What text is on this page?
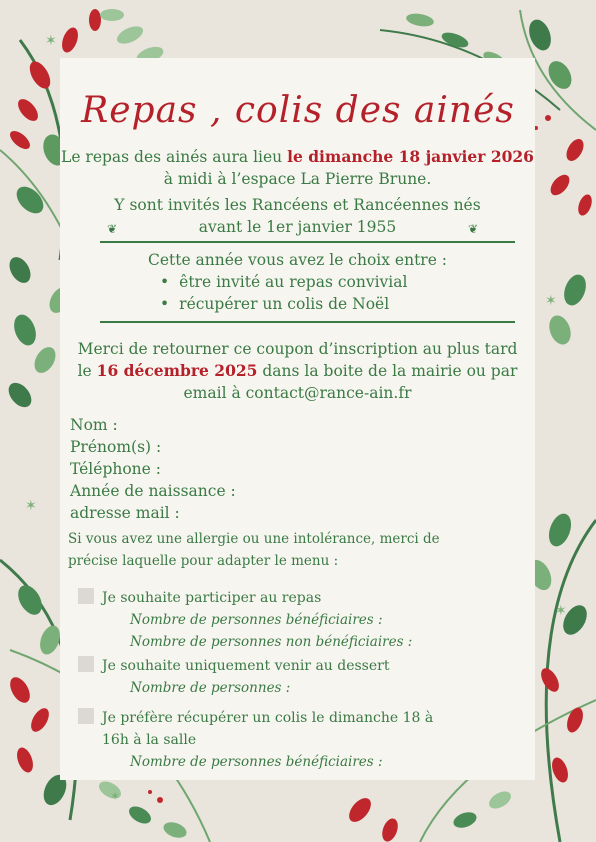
✶
✶
✶
✶
✶
Repas , colis des ainés

Le repas des ainés aura lieu le dimanche 18 janvier 2026 à midi à l’espace La Pierre Brune.

Y sont invités les Rancéens et Rancéennes nés

avant le 1er janvier 1955

❦	❦

Cette année vous avez le choix entre :

• être invité au repas convivial
• récupérer un colis de Noël

Merci de retourner ce coupon d’inscription au plus tard

le 16 décembre 2025 dans la boite de la mairie ou par

email à contact@rance-ain.fr

Nom :
Prénom(s) :
Téléphone :
Année de naissance :
adresse mail :

Si vous avez une allergie ou une intolérance, merci de précise laquelle pour adapter le menu :

Je souhaite participer au repas
Nombre de personnes bénéficiaires :
Nombre de personnes non bénéficiaires :
Je souhaite uniquement venir au dessert
Nombre de personnes :
Je préfère récupérer un colis le dimanche 18 à 16h à la salle
Nombre de personnes bénéficiaires :
